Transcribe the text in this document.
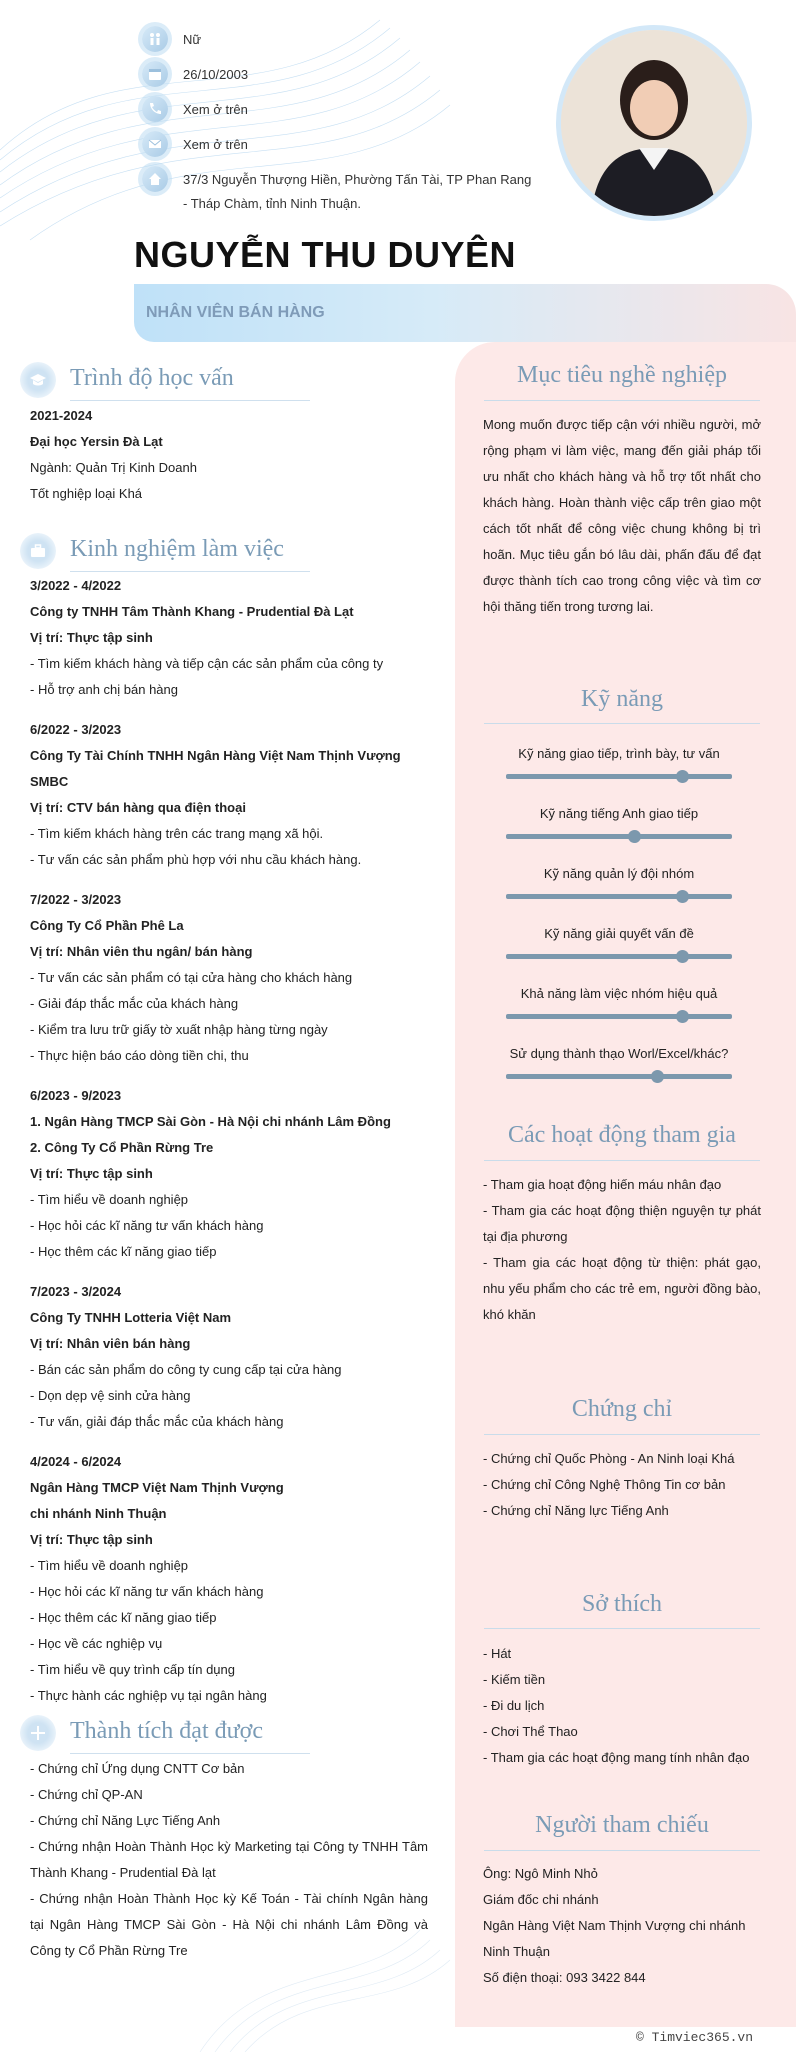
Nữ
26/10/2003
Xem ở trên
Xem ở trên
37/3 Nguyễn Thượng Hiền, Phường Tấn Tài, TP Phan Rang
- Tháp Chàm, tỉnh Ninh Thuận.
NGUYỄN THU DUYÊN
NHÂN VIÊN BÁN HÀNG
Trình độ học vấn
2021-2024
Đại học Yersin Đà Lạt
Ngành: Quản Trị Kinh Doanh
Tốt nghiệp loại Khá
Kinh nghiệm làm việc
3/2022 - 4/2022
Công ty TNHH Tâm Thành Khang - Prudential Đà Lạt
Vị trí: Thực tập sinh
- Tìm kiếm khách hàng và tiếp cận các sản phẩm của công ty
- Hỗ trợ anh chị bán hàng
6/2022 - 3/2023
Công Ty Tài Chính TNHH Ngân Hàng Việt Nam Thịnh Vượng
SMBC
Vị trí: CTV bán hàng qua điện thoại
- Tìm kiếm khách hàng trên các trang mạng xã hội.
- Tư vấn các sản phẩm phù hợp với nhu cầu khách hàng.
7/2022 - 3/2023
Công Ty Cổ Phần Phê La
Vị trí: Nhân viên thu ngân/ bán hàng
- Tư vấn các sản phẩm có tại cửa hàng cho khách hàng
- Giải đáp thắc mắc của khách hàng
- Kiểm tra lưu trữ giấy tờ xuất nhập hàng từng ngày
- Thực hiện báo cáo dòng tiền chi, thu
6/2023 - 9/2023
1. Ngân Hàng TMCP Sài Gòn - Hà Nội chi nhánh Lâm Đồng
2. Công Ty Cổ Phần Rừng Tre
Vị trí: Thực tập sinh
- Tìm hiểu về doanh nghiệp
- Học hỏi các kĩ năng tư vấn khách hàng
- Học thêm các kĩ năng giao tiếp
7/2023 - 3/2024
Công Ty TNHH Lotteria Việt Nam
Vị trí: Nhân viên bán hàng
- Bán các sản phẩm do công ty cung cấp tại cửa hàng
- Dọn dẹp vệ sinh cửa hàng
- Tư vấn, giải đáp thắc mắc của khách hàng
4/2024 - 6/2024
Ngân Hàng TMCP Việt Nam Thịnh Vượng
chi nhánh Ninh Thuận
Vị trí: Thực tập sinh
- Tìm hiểu về doanh nghiệp
- Học hỏi các kĩ năng tư vấn khách hàng
- Học thêm các kĩ năng giao tiếp
- Học về các nghiệp vụ
- Tìm hiểu về quy trình cấp tín dụng
- Thực hành các nghiệp vụ tại ngân hàng
Thành tích đạt được
- Chứng chỉ Ứng dụng CNTT Cơ bản
- Chứng chỉ QP-AN
- Chứng chỉ Năng Lực Tiếng Anh
- Chứng nhận Hoàn Thành Học kỳ Marketing tại Công ty TNHH Tâm Thành Khang - Prudential Đà lạt
- Chứng nhận Hoàn Thành Học kỳ Kế Toán - Tài chính Ngân hàng tại Ngân Hàng TMCP Sài Gòn - Hà Nội chi nhánh Lâm Đồng và Công ty Cổ Phần Rừng Tre
Mục tiêu nghề nghiệp
Mong muốn được tiếp cận với nhiều người, mở rộng phạm vi làm việc, mang đến giải pháp tối ưu nhất cho khách hàng và hỗ trợ tốt nhất cho khách hàng. Hoàn thành việc cấp trên giao một cách tốt nhất để công việc chung không bị trì hoãn. Mục tiêu gắn bó lâu dài, phấn đấu để đạt được thành tích cao trong công việc và tìm cơ hội thăng tiến trong tương lai.
Kỹ năng
Kỹ năng giao tiếp, trình bày, tư vấn
Kỹ năng tiếng Anh giao tiếp
Kỹ năng quản lý đội nhóm
Kỹ năng giải quyết vấn đề
Khả năng làm việc nhóm hiệu quả
Sử dụng thành thạo Worl/Excel/khác?
Các hoạt động tham gia
- Tham gia hoạt động hiến máu nhân đạo
- Tham gia các hoạt động thiện nguyện tự phát tại địa phương
- Tham gia các hoạt động từ thiện: phát gạo, nhu yếu phẩm cho các trẻ em, người đồng bào, khó khăn
Chứng chỉ
- Chứng chỉ Quốc Phòng - An Ninh loại Khá
- Chứng chỉ Công Nghệ Thông Tin cơ bản
- Chứng chỉ Năng lực Tiếng Anh
Sở thích
- Hát
- Kiếm tiền
- Đi du lịch
- Chơi Thể Thao
- Tham gia các hoạt động mang tính nhân đạo
Người tham chiếu
Ông: Ngô Minh Nhỏ
Giám đốc chi nhánh
Ngân Hàng Việt Nam Thịnh Vượng chi nhánh Ninh Thuận
Số điện thoại: 093 3422 844
© Timviec365.vn
